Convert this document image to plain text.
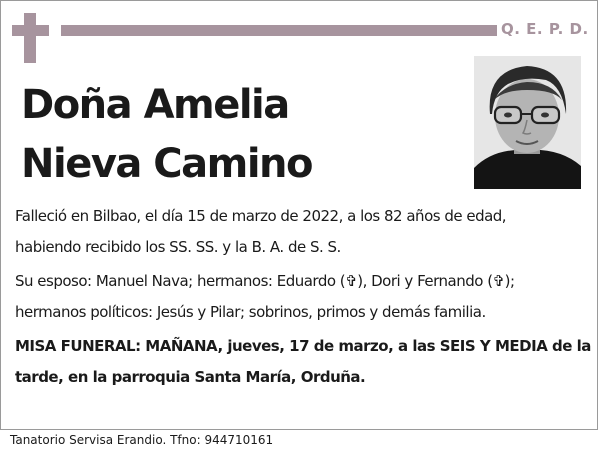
Q. E. P. D.
Doña Amelia
Nieva Camino
Falleció en Bilbao, el día 15 de marzo de 2022, a los 82 años de edad,
habiendo recibido los SS. SS. y la B. A. de S. S.
Su esposo: Manuel Nava; hermanos: Eduardo (✞), Dori y Fernando (✞);
hermanos políticos: Jesús y Pilar; sobrinos, primos y demás familia.
MISA FUNERAL: MAÑANA, jueves, 17 de marzo, a las SEIS Y MEDIA de la
tarde, en la parroquia Santa María, Orduña.
Tanatorio Servisa Erandio. Tfno: 944710161
